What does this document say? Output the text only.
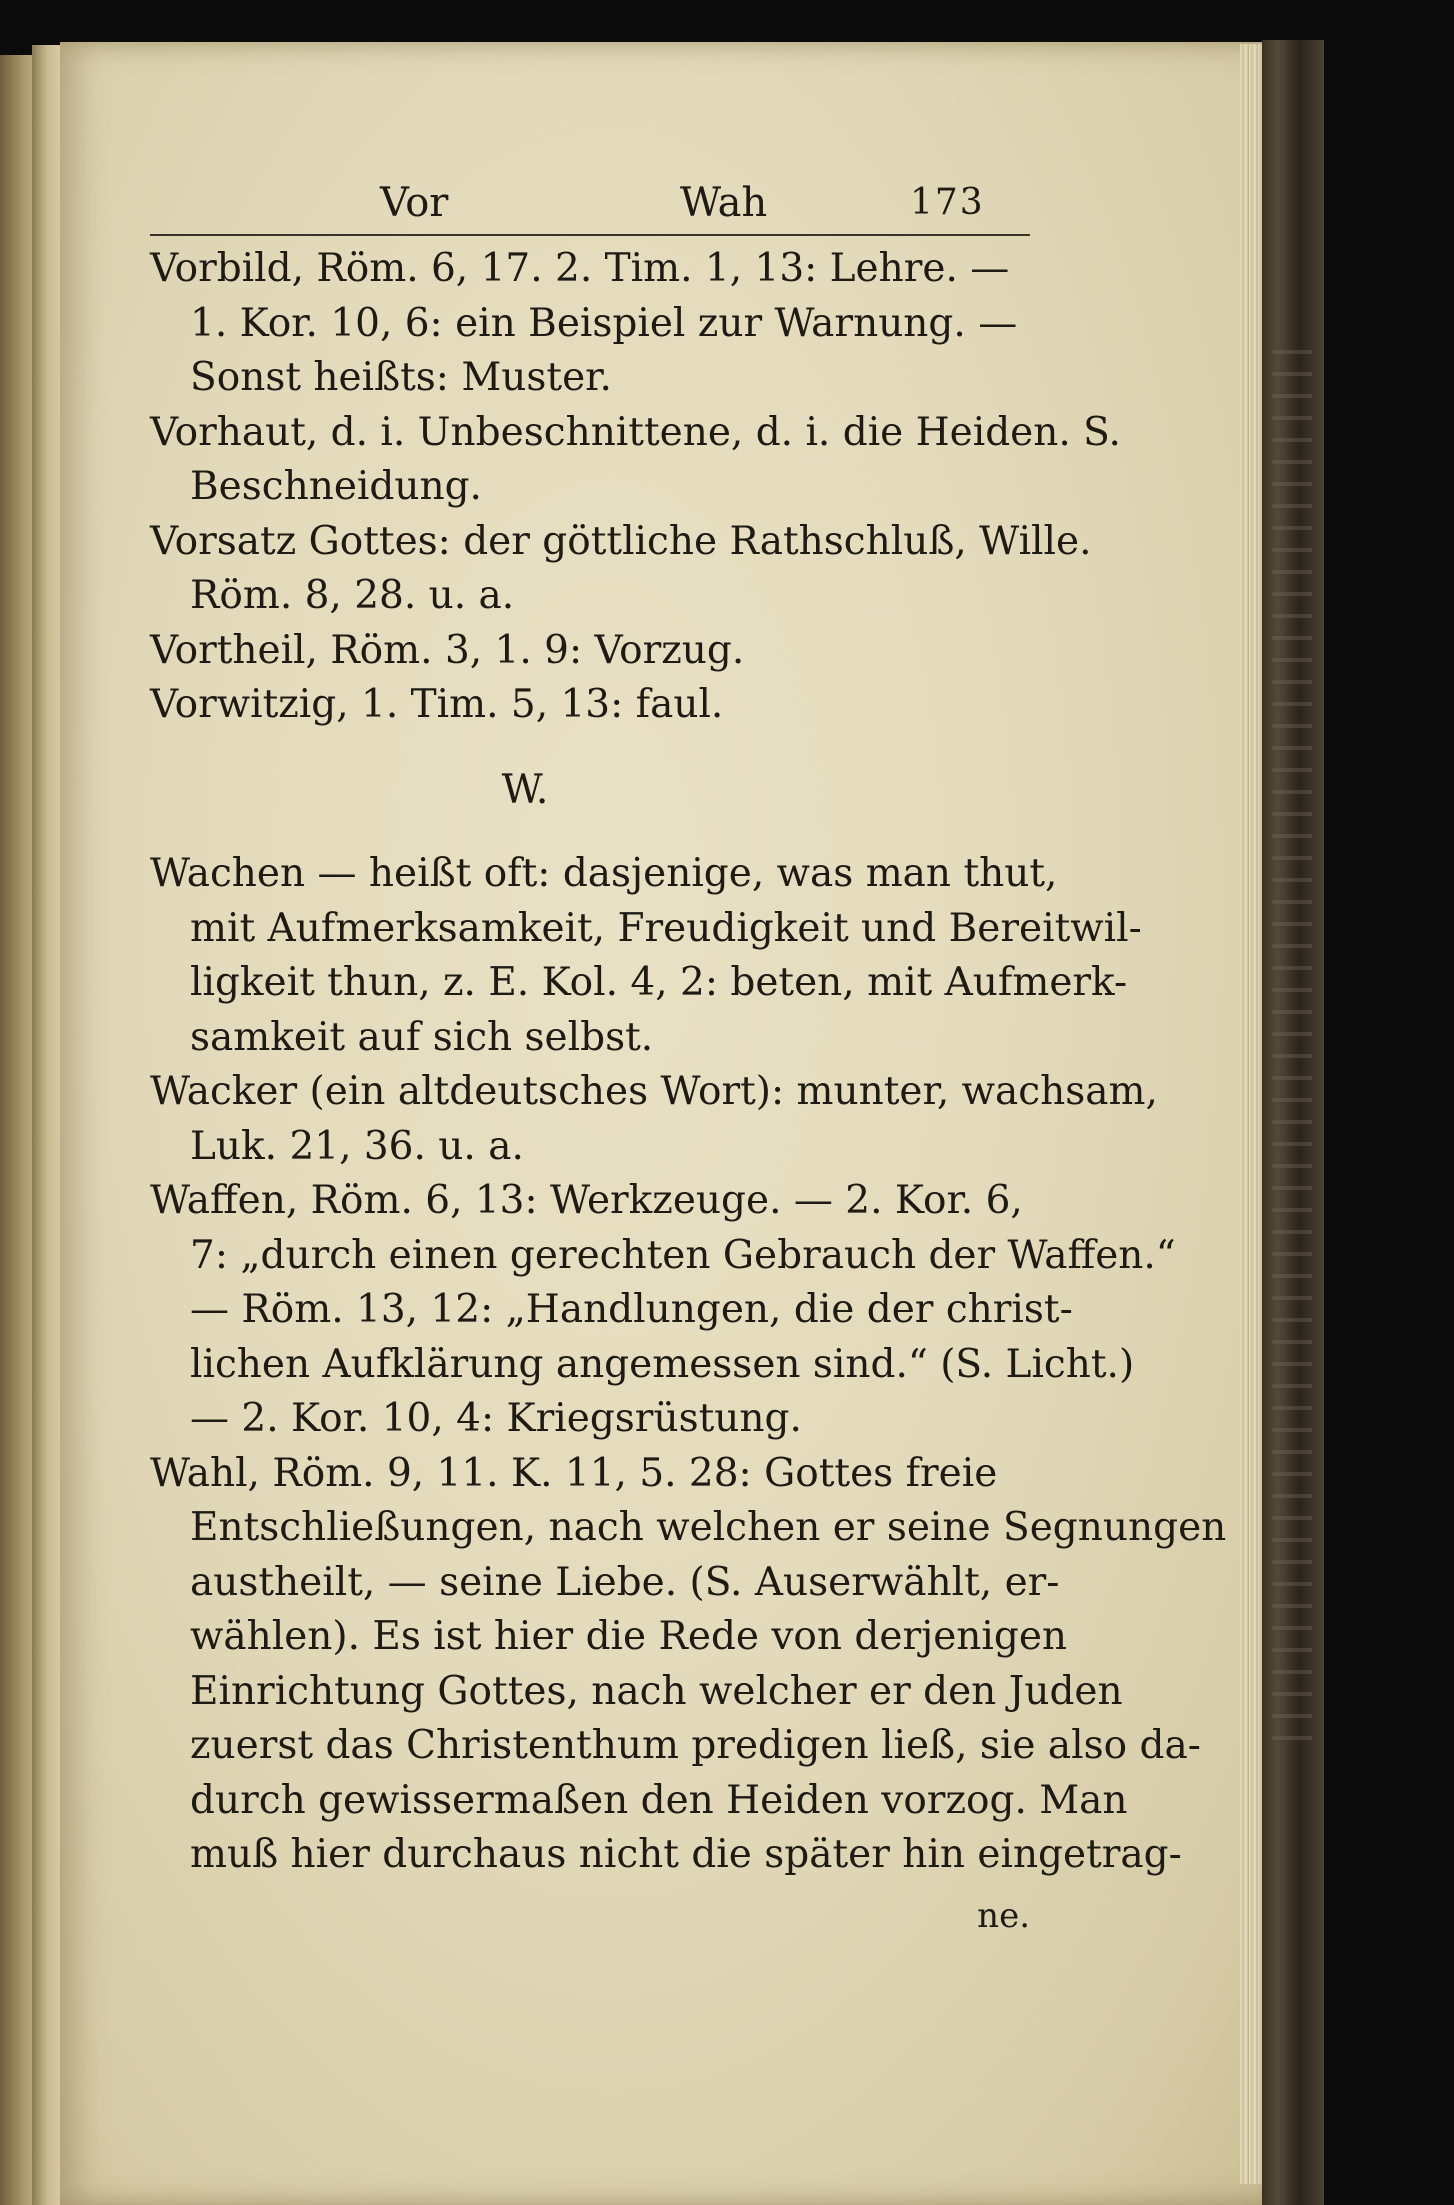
Vor	Wah	173
Vorbild, Röm. 6, 17. 2. Tim. 1, 13: Lehre. —
1. Kor. 10, 6: ein Beispiel zur Warnung. —
Sonst heißts: Muster.
Vorhaut, d. i. Unbeschnittene, d. i. die Heiden. S.
Beschneidung.
Vorsatz Gottes: der göttliche Rathschluß, Wille.
Röm. 8, 28. u. a.
Vortheil, Röm. 3, 1. 9: Vorzug.
Vorwitzig, 1. Tim. 5, 13: faul.
W.
Wachen — heißt oft: dasjenige, was man thut,
mit Aufmerksamkeit, Freudigkeit und Bereitwil-
ligkeit thun, z. E. Kol. 4, 2: beten, mit Aufmerk-
samkeit auf sich selbst.
Wacker (ein altdeutsches Wort): munter, wachsam,
Luk. 21, 36. u. a.
Waffen, Röm. 6, 13: Werkzeuge. — 2. Kor. 6,
7: „durch einen gerechten Gebrauch der Waffen.“
— Röm. 13, 12: „Handlungen, die der christ-
lichen Aufklärung angemessen sind.“ (S. Licht.)
— 2. Kor. 10, 4: Kriegsrüstung.
Wahl, Röm. 9, 11. K. 11, 5. 28: Gottes freie
Entschließungen, nach welchen er seine Segnungen
austheilt, — seine Liebe. (S. Auserwählt, er-
wählen). Es ist hier die Rede von derjenigen
Einrichtung Gottes, nach welcher er den Juden
zuerst das Christenthum predigen ließ, sie also da-
durch gewissermaßen den Heiden vorzog. Man
muß hier durchaus nicht die später hin eingetrag-
ne.
